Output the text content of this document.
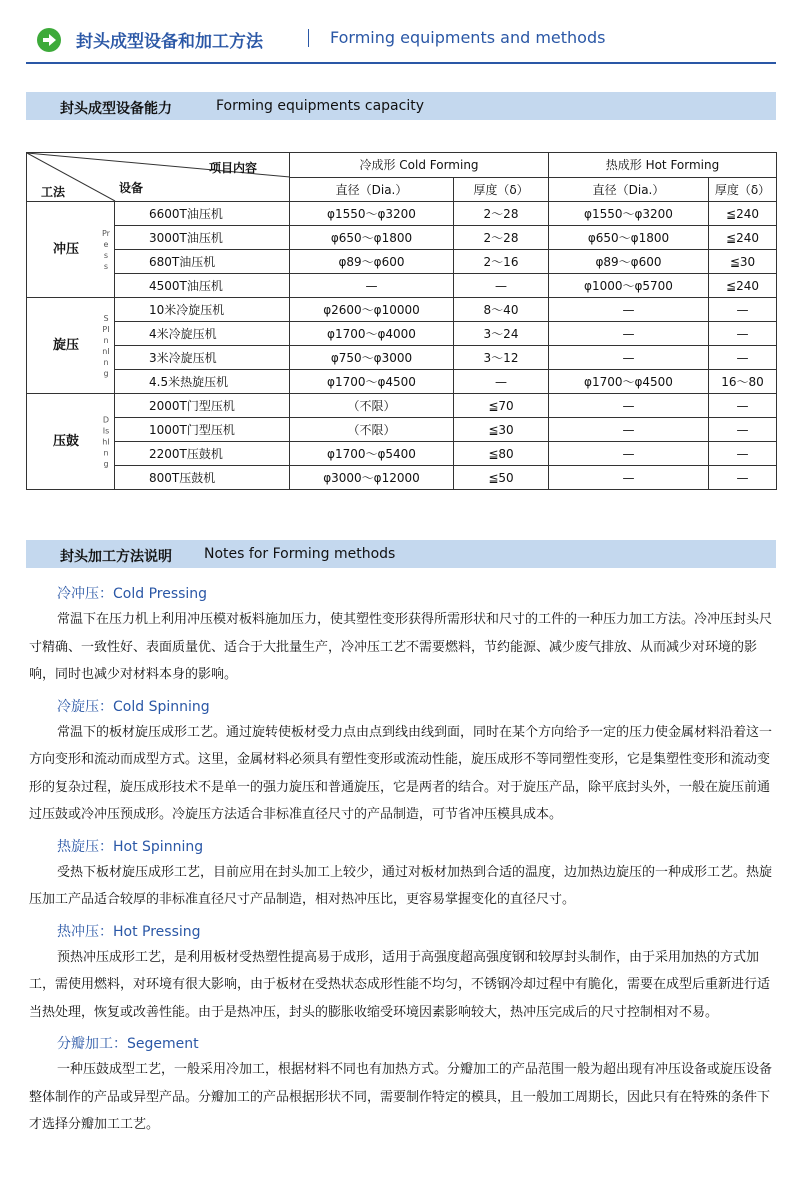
封头成型设备和加工方法	Forming equipments and methods
封头成型设备能力	Forming equipments capacity
项目内容
设备
工法		冷成形 Cold Forming		热成形 Hot Forming	
		直径（Dia.）	厚度（δ）	直径（Dia.）	厚度（δ）

冲压
Press	6600T油压机	φ1550～φ3200	2～28	φ1550～φ3200	≦240
	3000T油压机	φ650～φ1800	2～28	φ650～φ1800	≦240
	680T油压机	φ89～φ600	2～16	φ89～φ600	≦30
	4500T油压机	—	—	φ1000～φ5700	≦240

旋压
SPInnIng	10米冷旋压机	φ2600～φ10000	8～40	—	—
	4米冷旋压机	φ1700～φ4000	3～24	—	—
	3米冷旋压机	φ750～φ3000	3～12	—	—
	4.5米热旋压机	φ1700～φ4500	—	φ1700～φ4500	16～80

压鼓
DIshIng	2000T门型压机	（不限）	≦70	—	—
	1000T门型压机	（不限）	≦30	—	—
	2200T压鼓机	φ1700～φ5400	≦80	—	—
	800T压鼓机	φ3000～φ12000	≦50	—	—
封头加工方法说明 Notes for Forming methods
冷冲压：Cold Pressing

常温下在压力机上利用冲压模对板料施加压力，使其塑性变形获得所需形状和尺寸的工件的一种压力加工方法。冷冲压封头尺寸精确、一致性好、表面质量优、适合于大批量生产，冷冲压工艺不需要燃料，节约能源、减少废气排放、从而减少对环境的影响，同时也减少对材料本身的影响。

冷旋压：Cold Spinning

常温下的板材旋压成形工艺。通过旋转使板材受力点由点到线由线到面，同时在某个方向给予一定的压力使金属材料沿着这一方向变形和流动而成型方式。这里，金属材料必须具有塑性变形或流动性能，旋压成形不等同塑性变形，它是集塑性变形和流动变形的复杂过程，旋压成形技术不是单一的强力旋压和普通旋压，它是两者的结合。对于旋压产品，除平底封头外，一般在旋压前通过压鼓或冷冲压预成形。冷旋压方法适合非标准直径尺寸的产品制造，可节省冲压模具成本。

热旋压：Hot Spinning

受热下板材旋压成形工艺，目前应用在封头加工上较少，通过对板材加热到合适的温度，边加热边旋压的一种成形工艺。热旋压加工产品适合较厚的非标准直径尺寸产品制造，相对热冲压比，更容易掌握变化的直径尺寸。

热冲压：Hot Pressing

预热冲压成形工艺，是利用板材受热塑性提高易于成形，适用于高强度超高强度钢和较厚封头制作，由于采用加热的方式加工，需使用燃料，对环境有很大影响，由于板材在受热状态成形性能不均匀，不锈钢冷却过程中有脆化，需要在成型后重新进行适当热处理，恢复或改善性能。由于是热冲压，封头的膨胀收缩受环境因素影响较大，热冲压完成后的尺寸控制相对不易。

分瓣加工：Segement

一种压鼓成型工艺，一般采用冷加工，根据材料不同也有加热方式。分瓣加工的产品范围一般为超出现有冲压设备或旋压设备整体制作的产品或异型产品。分瓣加工的产品根据形状不同，需要制作特定的模具，且一般加工周期长，因此只有在特殊的条件下才选择分瓣加工工艺。
